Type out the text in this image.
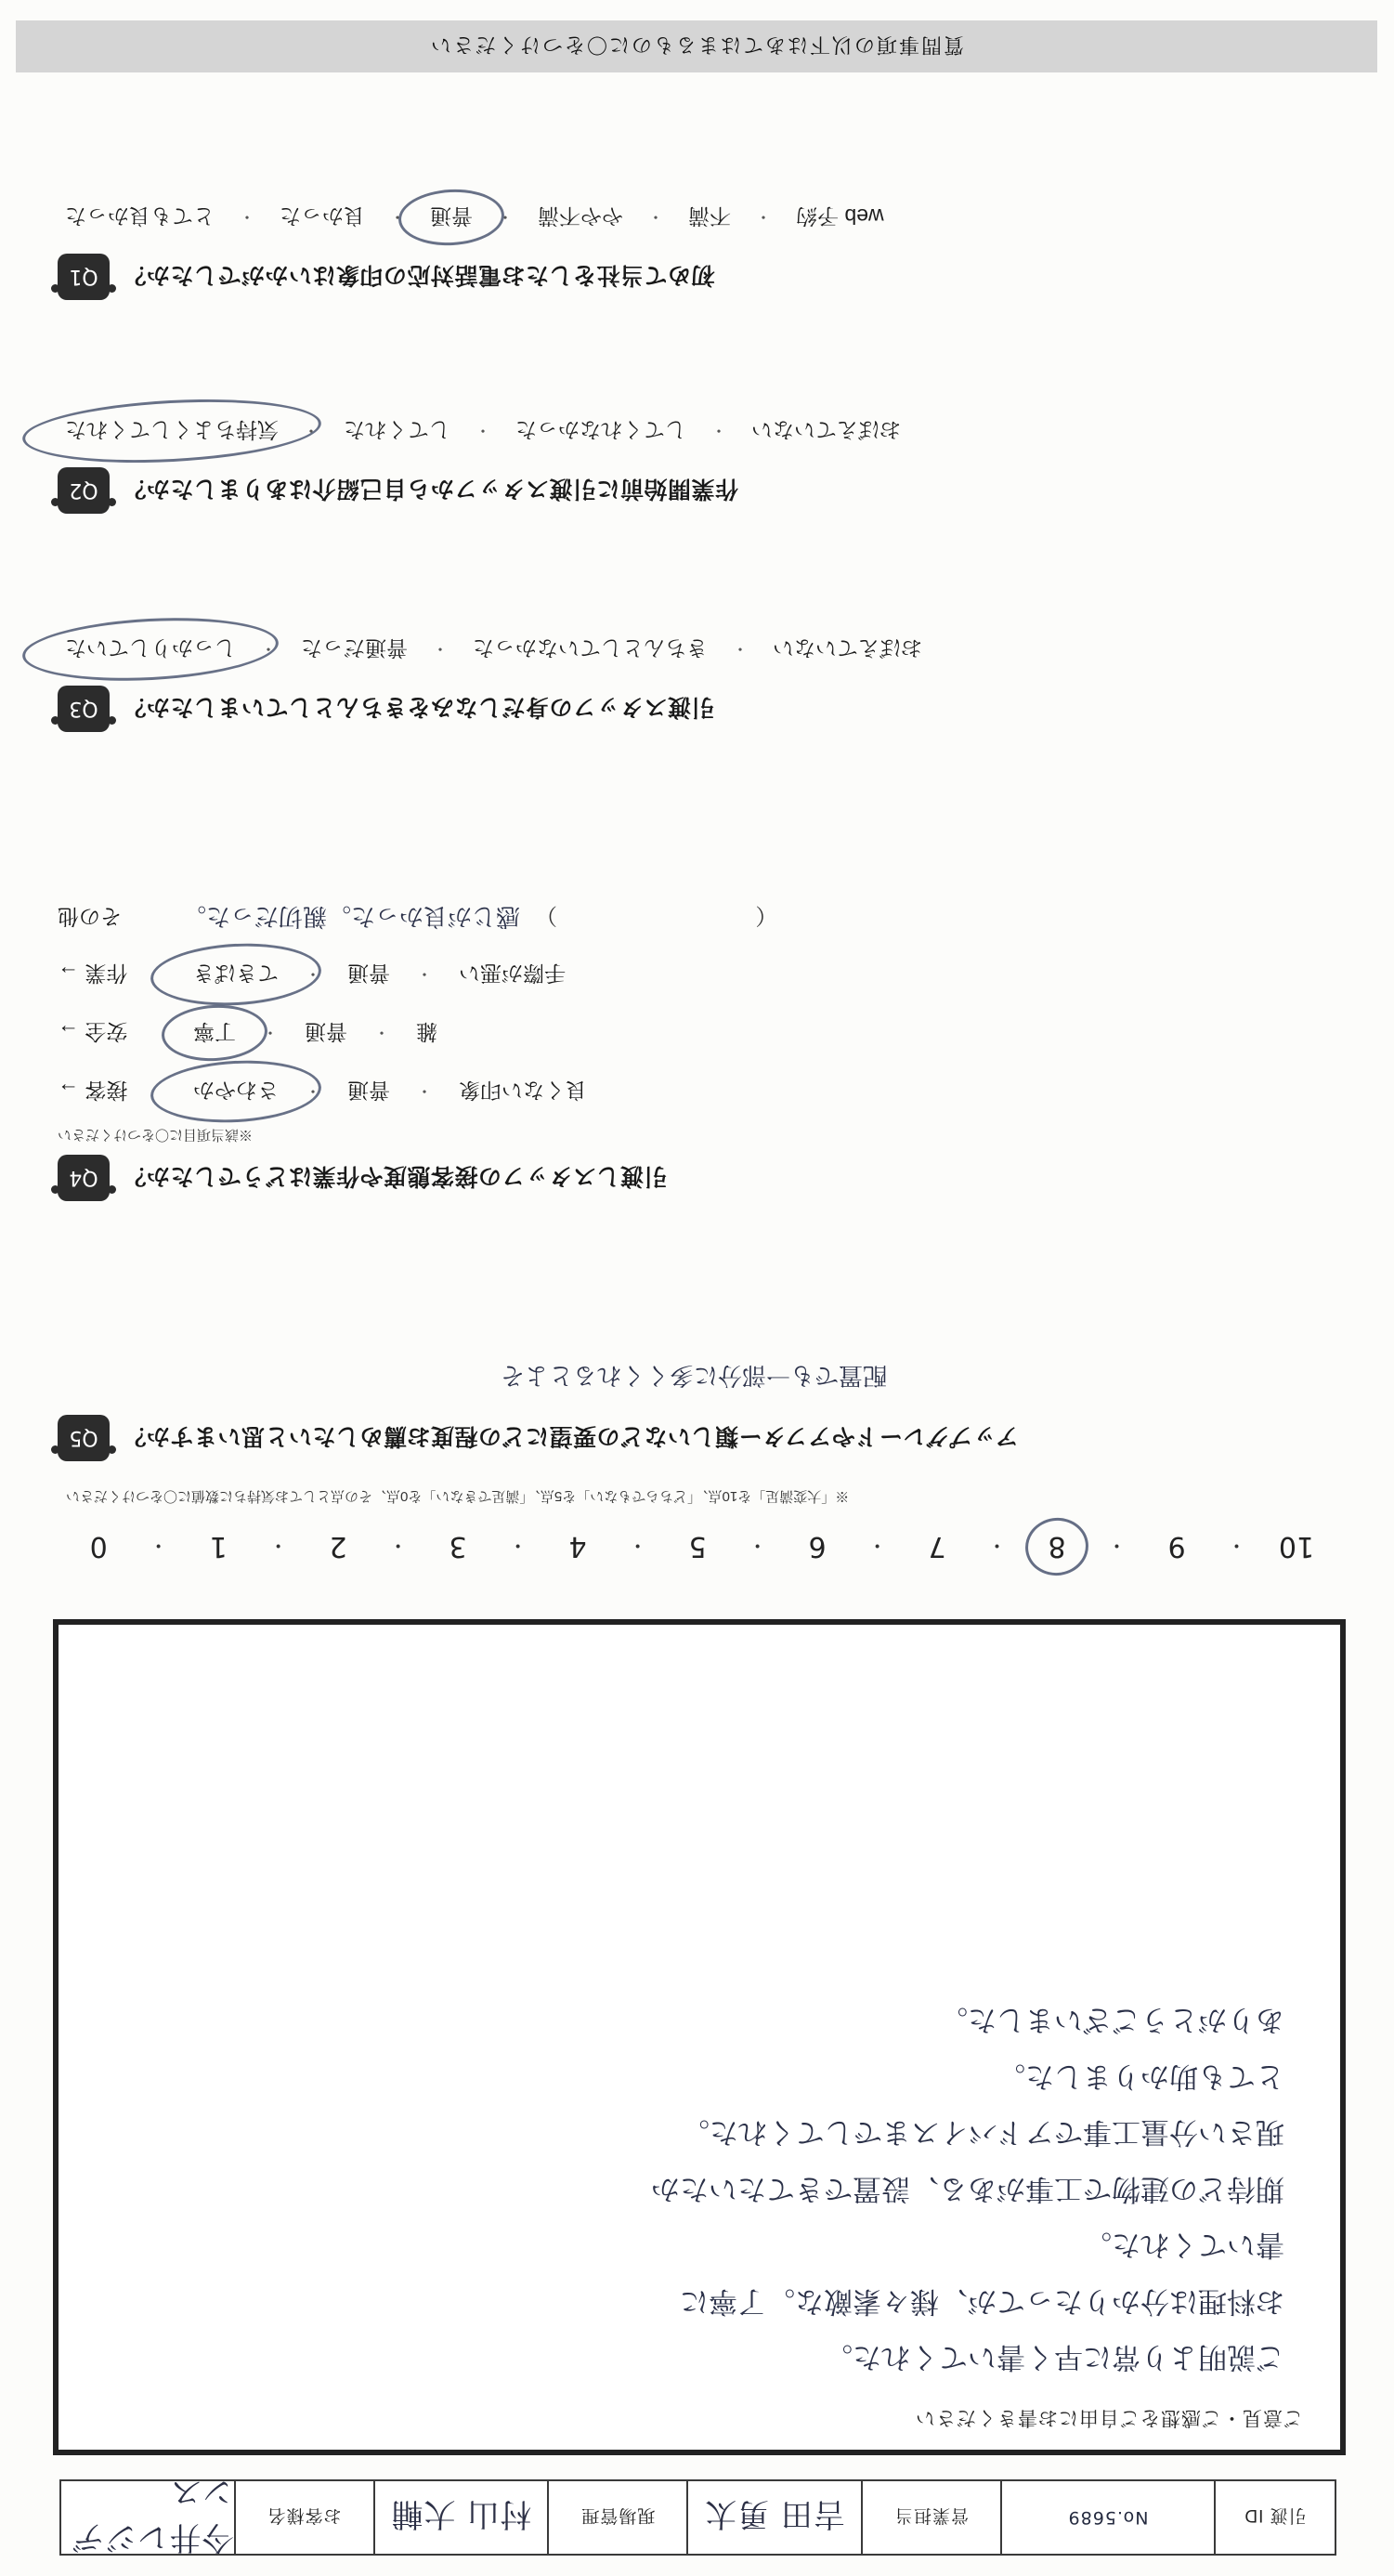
引渡 ID
No.5689
営業担当
吉田 勇太
現場管理
村山 大輔
お客様名
今井レジデンス
ご意見・ご感想をご自由にお書きください
ご説明より常に早く書いてくれた。
お料理は分かりたってが、様々素敵な。了寧に
書いてくれた。
期待どの建物で工事がある、設置できてたいたか
現さい分量工事でアドバイスまでしてくれた。
とても助かりました。
ありがとうございました。
0	・	1	・	2	・	3	・	4	・	5	・	6	・	7	・	8	・	9	・	10
※「大変満足」を10点、「どちらでもない」を5点、「満足できない」を0点、その点としてお気持ちに数値に〇をつけください
Q5	アップグレードやアフター類しいなどの要望にどの程度お薦めしたいと思いますか？
配置でも一部分に多くくれるとよそ
Q4	引渡しスタッフの接客態度や作業はどうでしたか？
※該当項目に〇をつけください
接客 →	さわやか	・	普通	・	良くない印象
安全 →	丁寧	・	普通	・	雑
作業 →	てきぱき	・	普通	・	手際が悪い
その他	感じが良かった。親切だった。 （                                ）
Q3	引渡スタッフの身だしなみをきちんとしていましたか？
しっかりしていた	・	普通だった	・	きちんとしていなかった	・	おぼえていない
Q2	作業開始前に引渡スタッフから自己紹介はありましたか？
気持ちよくしてくれた	・	してくれた	・	してくれなかった	・	おぼえていない
Q1	初めて当社をしたお電話対応の印象はいかがでしたか？
とても良かった	・	良かった	・	普通	・	やや不満	・	不満	・	web 予約
質問事項の以下はあてはまるものに〇をつけください
